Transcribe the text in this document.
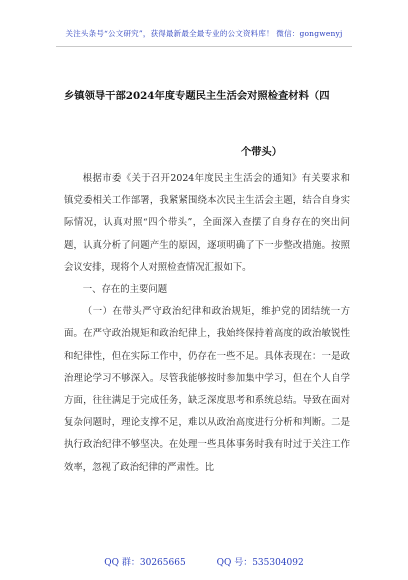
关注头条号“公文研究”，获得最新最全最专业的公文资料库！ 微信：gongwenyj
乡镇领导干部2024年度专题民主生活会对照检查材料（四
个带头）

根据市委《关于召开2024年度民主生活会的通知》有关要求和镇党委相关工作部署，我紧紧围绕本次民主生活会主题，结合自身实际情况，认真对照“四个带头”，全面深入查摆了自身存在的突出问题，认真分析了问题产生的原因，逐项明确了下一步整改措施。按照会议安排，现将个人对照检查情况汇报如下。

一、存在的主要问题

（一）在带头严守政治纪律和政治规矩，维护党的团结统一方面。在严守政治规矩和政治纪律上，我始终保持着高度的政治敏锐性和纪律性，但在实际工作中，仍存在一些不足。具体表现在：一是政治理论学习不够深入。尽管我能够按时参加集中学习，但在个人自学方面，往往满足于完成任务，缺乏深度思考和系统总结。导致在面对复杂问题时，理论支撑不足，难以从政治高度进行分析和判断。二是执行政治纪律不够坚决。在处理一些具体事务时我有时过于关注工作效率，忽视了政治纪律的严肃性。比

QQ 群：30265665	QQ 号：535304092
